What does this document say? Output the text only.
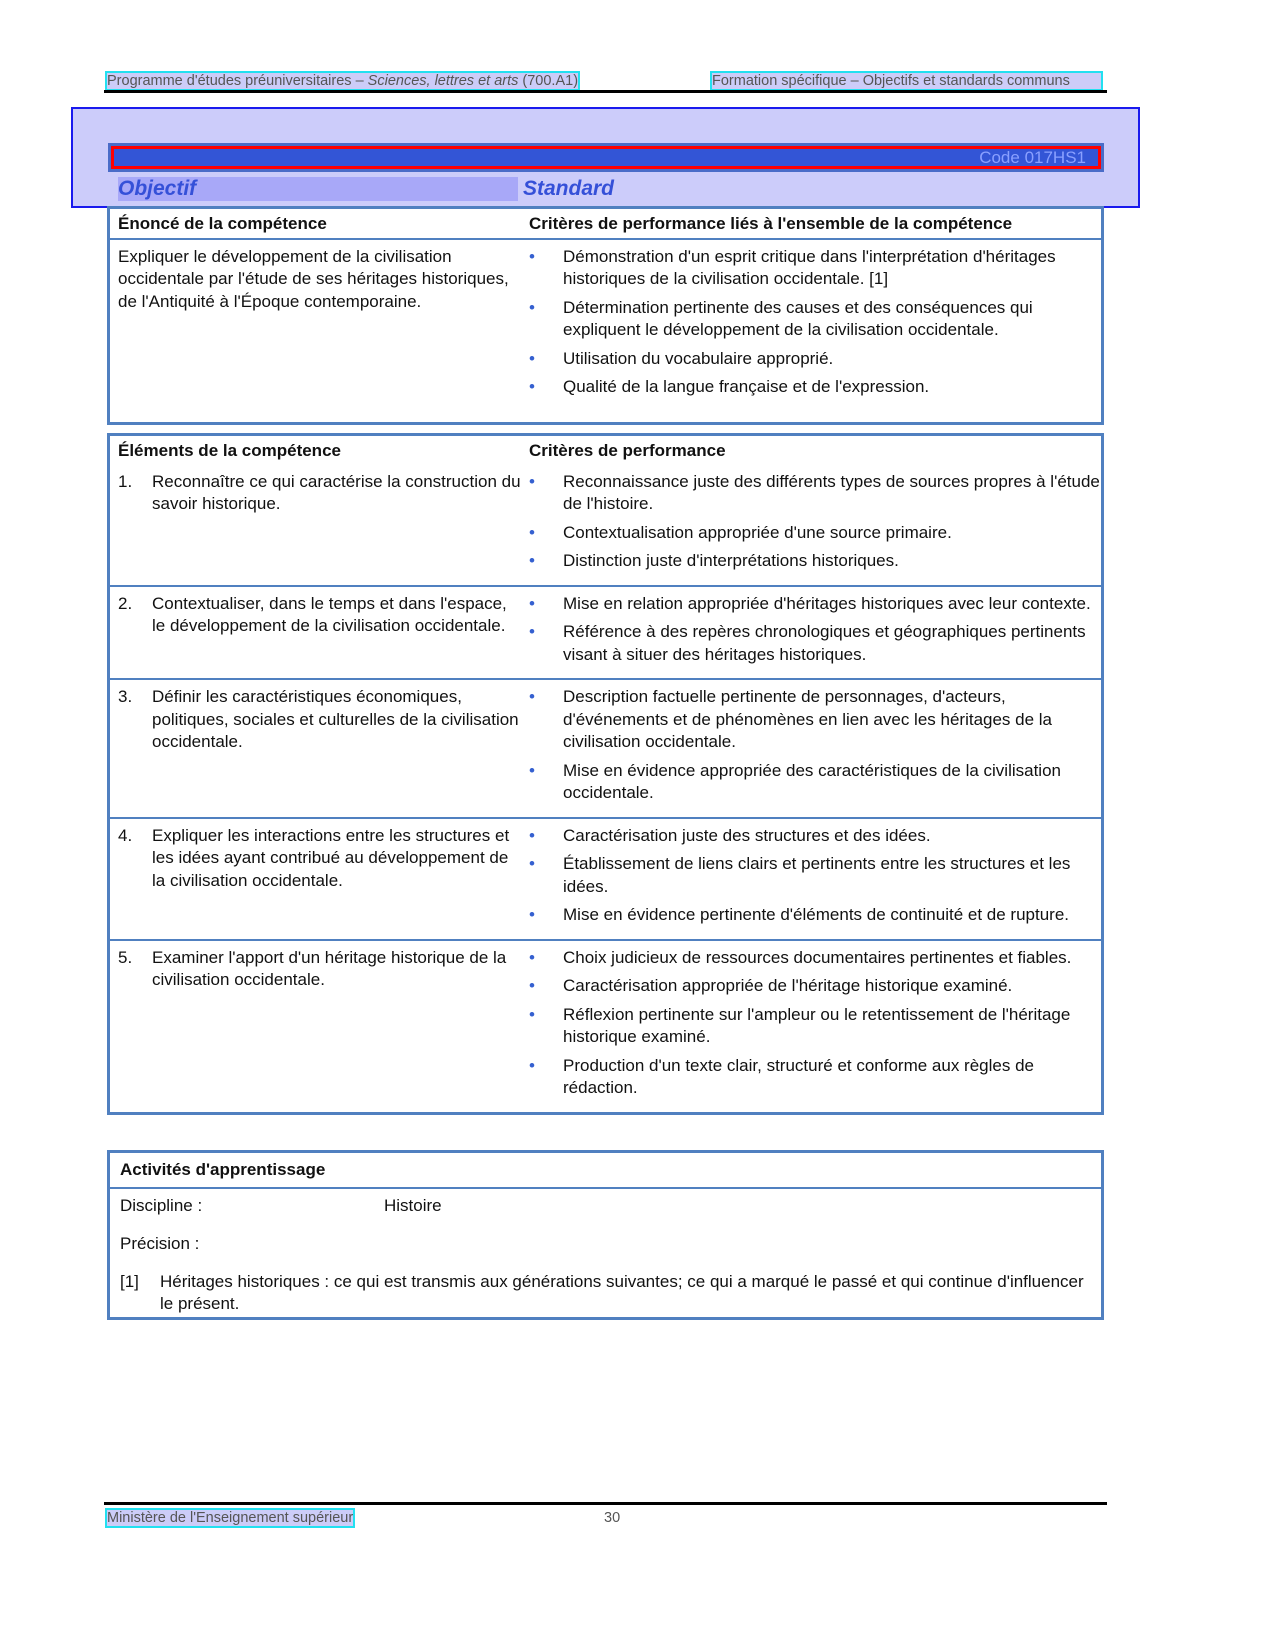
Programme d'études préuniversitaires – Sciences, lettres et arts (700.A1)	Formation spécifique – Objectifs et standards communs
Code 017HS1
Objectif	Standard
Énoncé de la compétence	Critères de performance liés à l'ensemble de la compétence
Expliquer le développement de la civilisation occidentale par l'étude de ses héritages historiques, de l'Antiquité à l'Époque contemporaine.
•	Démonstration d'un esprit critique dans l'interprétation d'héritages historiques de la civilisation occidentale. [1]
•	Détermination pertinente des causes et des conséquences qui expliquent le développement de la civilisation occidentale.
•	Utilisation du vocabulaire approprié.
•	Qualité de la langue française et de l'expression.
Éléments de la compétence	Critères de performance
1.	Reconnaître ce qui caractérise la construction du savoir historique.
•	Reconnaissance juste des différents types de sources propres à l'étude de l'histoire.
•	Contextualisation appropriée d'une source primaire.
•	Distinction juste d'interprétations historiques.
2.	Contextualiser, dans le temps et dans l'espace, le développement de la civilisation occidentale.
•	Mise en relation appropriée d'héritages historiques avec leur contexte.
•	Référence à des repères chronologiques et géographiques pertinents visant à situer des héritages historiques.
3.	Définir les caractéristiques économiques, politiques, sociales et culturelles de la civilisation occidentale.
•	Description factuelle pertinente de personnages, d'acteurs, d'événements et de phénomènes en lien avec les héritages de la civilisation occidentale.
•	Mise en évidence appropriée des caractéristiques de la civilisation occidentale.
4.	Expliquer les interactions entre les structures et les idées ayant contribué au développement de la civilisation occidentale.
•	Caractérisation juste des structures et des idées.
•	Établissement de liens clairs et pertinents entre les structures et les idées.
•	Mise en évidence pertinente d'éléments de continuité et de rupture.
5.	Examiner l'apport d'un héritage historique de la civilisation occidentale.
•	Choix judicieux de ressources documentaires pertinentes et fiables.
•	Caractérisation appropriée de l'héritage historique examiné.
•	Réflexion pertinente sur l'ampleur ou le retentissement de l'héritage historique examiné.
•	Production d'un texte clair, structuré et conforme aux règles de rédaction.
Activités d'apprentissage
Discipline :	Histoire
Précision :
[1]	Héritages historiques : ce qui est transmis aux générations suivantes; ce qui a marqué le passé et qui continue d'influencer le présent.
Ministère de l'Enseignement supérieur	30
